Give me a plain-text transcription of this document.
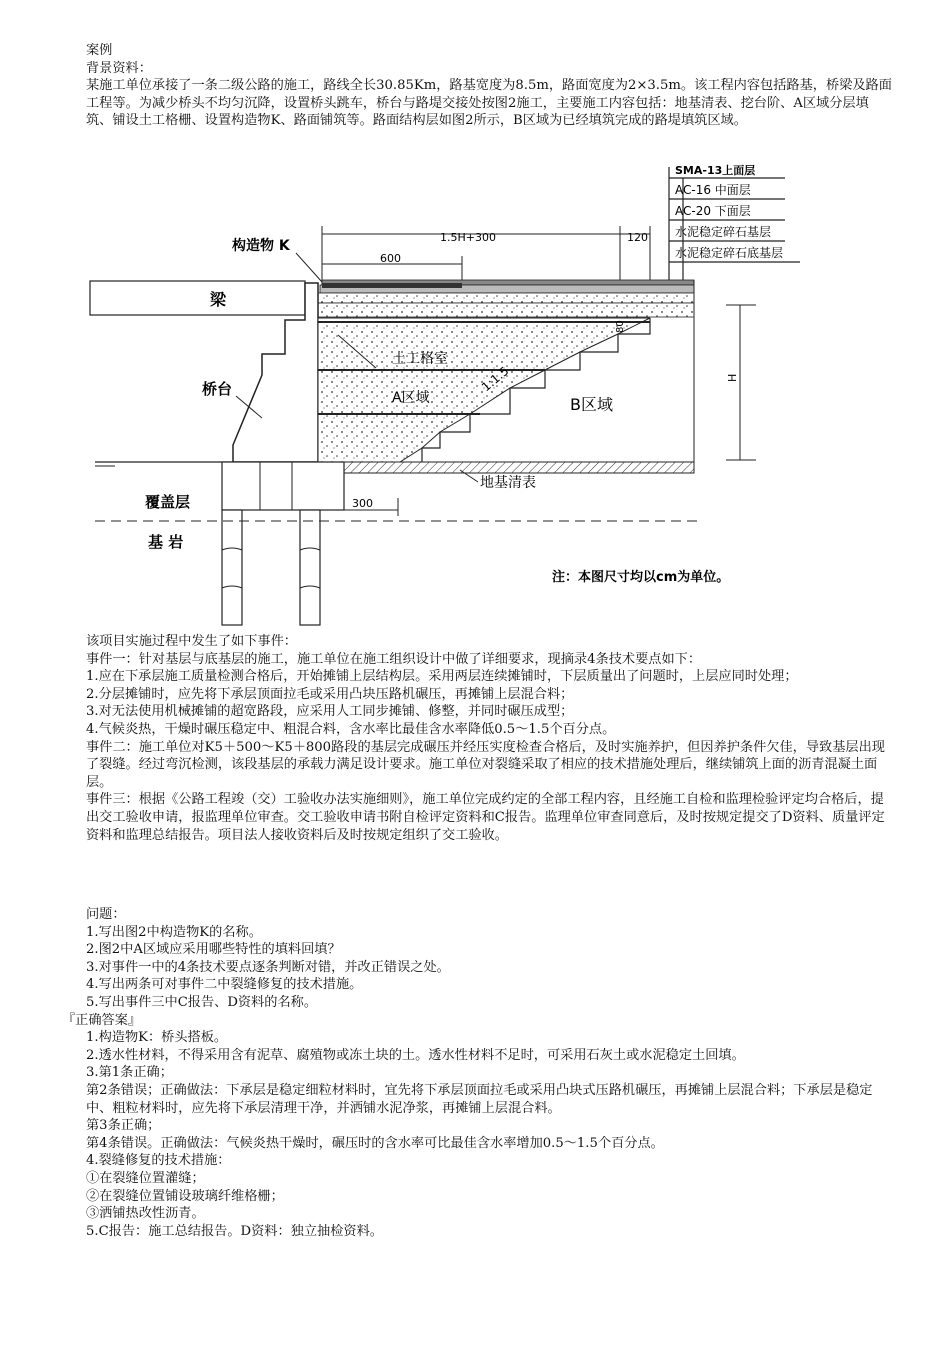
案例

背景资料：

某施工单位承接了一条二级公路的施工，路线全长30.85Km，路基宽度为8.5m，路面宽度为2×3.5m。该工程内容包括路基，桥梁及路面工程等。为减少桥头不均匀沉降，设置桥头跳车，桥台与路堤交接处按图2施工，主要施工内容包括：地基清表、挖台阶、A区域分层填筑、铺设土工格栅、设置构造物K、路面铺筑等。路面结构层如图2所示，B区域为已经填筑完成的路堤填筑区域。

SMA-13上面层
AC-16 中面层
AC-20 下面层
水泥稳定碎石基层
水泥稳定碎石底基层
1.5H+300	120
600
构造物 K
梁
桥台
土工格室
A区域
1:1.5
80
B区域
H
地基清表
300
覆盖层
基 岩
注：本图尺寸均以cm为单位。

该项目实施过程中发生了如下事件：

事件一：针对基层与底基层的施工，施工单位在施工组织设计中做了详细要求，现摘录4条技术要点如下：

1.应在下承层施工质量检测合格后，开始摊铺上层结构层。采用两层连续摊铺时，下层质量出了问题时，上层应同时处理；

2.分层摊铺时，应先将下承层顶面拉毛或采用凸块压路机碾压，再摊铺上层混合料；

3.对无法使用机械摊铺的超宽路段，应采用人工同步摊铺、修整，并同时碾压成型；

4.气候炎热，干燥时碾压稳定中、粗混合料，含水率比最佳含水率降低0.5～1.5个百分点。

事件二：施工单位对K5＋500～K5＋800路段的基层完成碾压并经压实度检查合格后，及时实施养护，但因养护条件欠佳，导致基层出现了裂缝。经过弯沉检测，该段基层的承载力满足设计要求。施工单位对裂缝采取了相应的技术措施处理后，继续铺筑上面的沥青混凝土面层。

事件三：根据《公路工程竣（交）工验收办法实施细则》，施工单位完成约定的全部工程内容，且经施工自检和监理检验评定均合格后，提出交工验收申请，报监理单位审查。交工验收申请书附自检评定资料和C报告。监理单位审查同意后，及时按规定提交了D资料、质量评定资料和监理总结报告。项目法人接收资料后及时按规定组织了交工验收。

问题：

1.写出图2中构造物K的名称。

2.图2中A区域应采用哪些特性的填料回填？

3.对事件一中的4条技术要点逐条判断对错，并改正错误之处。

4.写出两条可对事件二中裂缝修复的技术措施。

5.写出事件三中C报告、D资料的名称。

『正确答案』

1.构造物K：桥头搭板。

2.透水性材料，不得采用含有泥草、腐殖物或冻土块的土。透水性材料不足时，可采用石灰土或水泥稳定土回填。

3.第1条正确；

第2条错误；正确做法：下承层是稳定细粒材料时，宜先将下承层顶面拉毛或采用凸块式压路机碾压，再摊铺上层混合料；下承层是稳定中、粗粒材料时，应先将下承层清理干净，并洒铺水泥净浆，再摊铺上层混合料。

第3条正确；

第4条错误。正确做法：气候炎热干燥时，碾压时的含水率可比最佳含水率增加0.5～1.5个百分点。

4.裂缝修复的技术措施：

①在裂缝位置灌缝；

②在裂缝位置铺设玻璃纤维格栅；

③洒铺热改性沥青。

5.C报告：施工总结报告。D资料：独立抽检资料。
